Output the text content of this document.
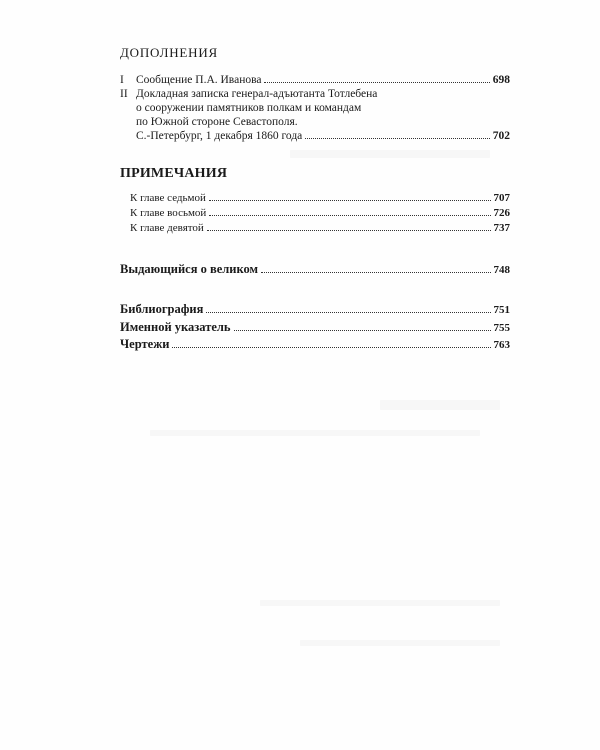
ДОПОЛНЕНИЯ
I	Сообщение П.А. Иванова	698
II Докладная записка генерал-адъютанта Тотлебена
о сооружении памятников полкам и командам
по Южной стороне Севастополя.
С.-Петербург, 1 декабря 1860 года	702
ПРИМЕЧАНИЯ
К главе седьмой	707
К главе восьмой	726
К главе девятой	737
Выдающийся о великом	748
Библиография	751
Именной указатель	755
Чертежи	763
